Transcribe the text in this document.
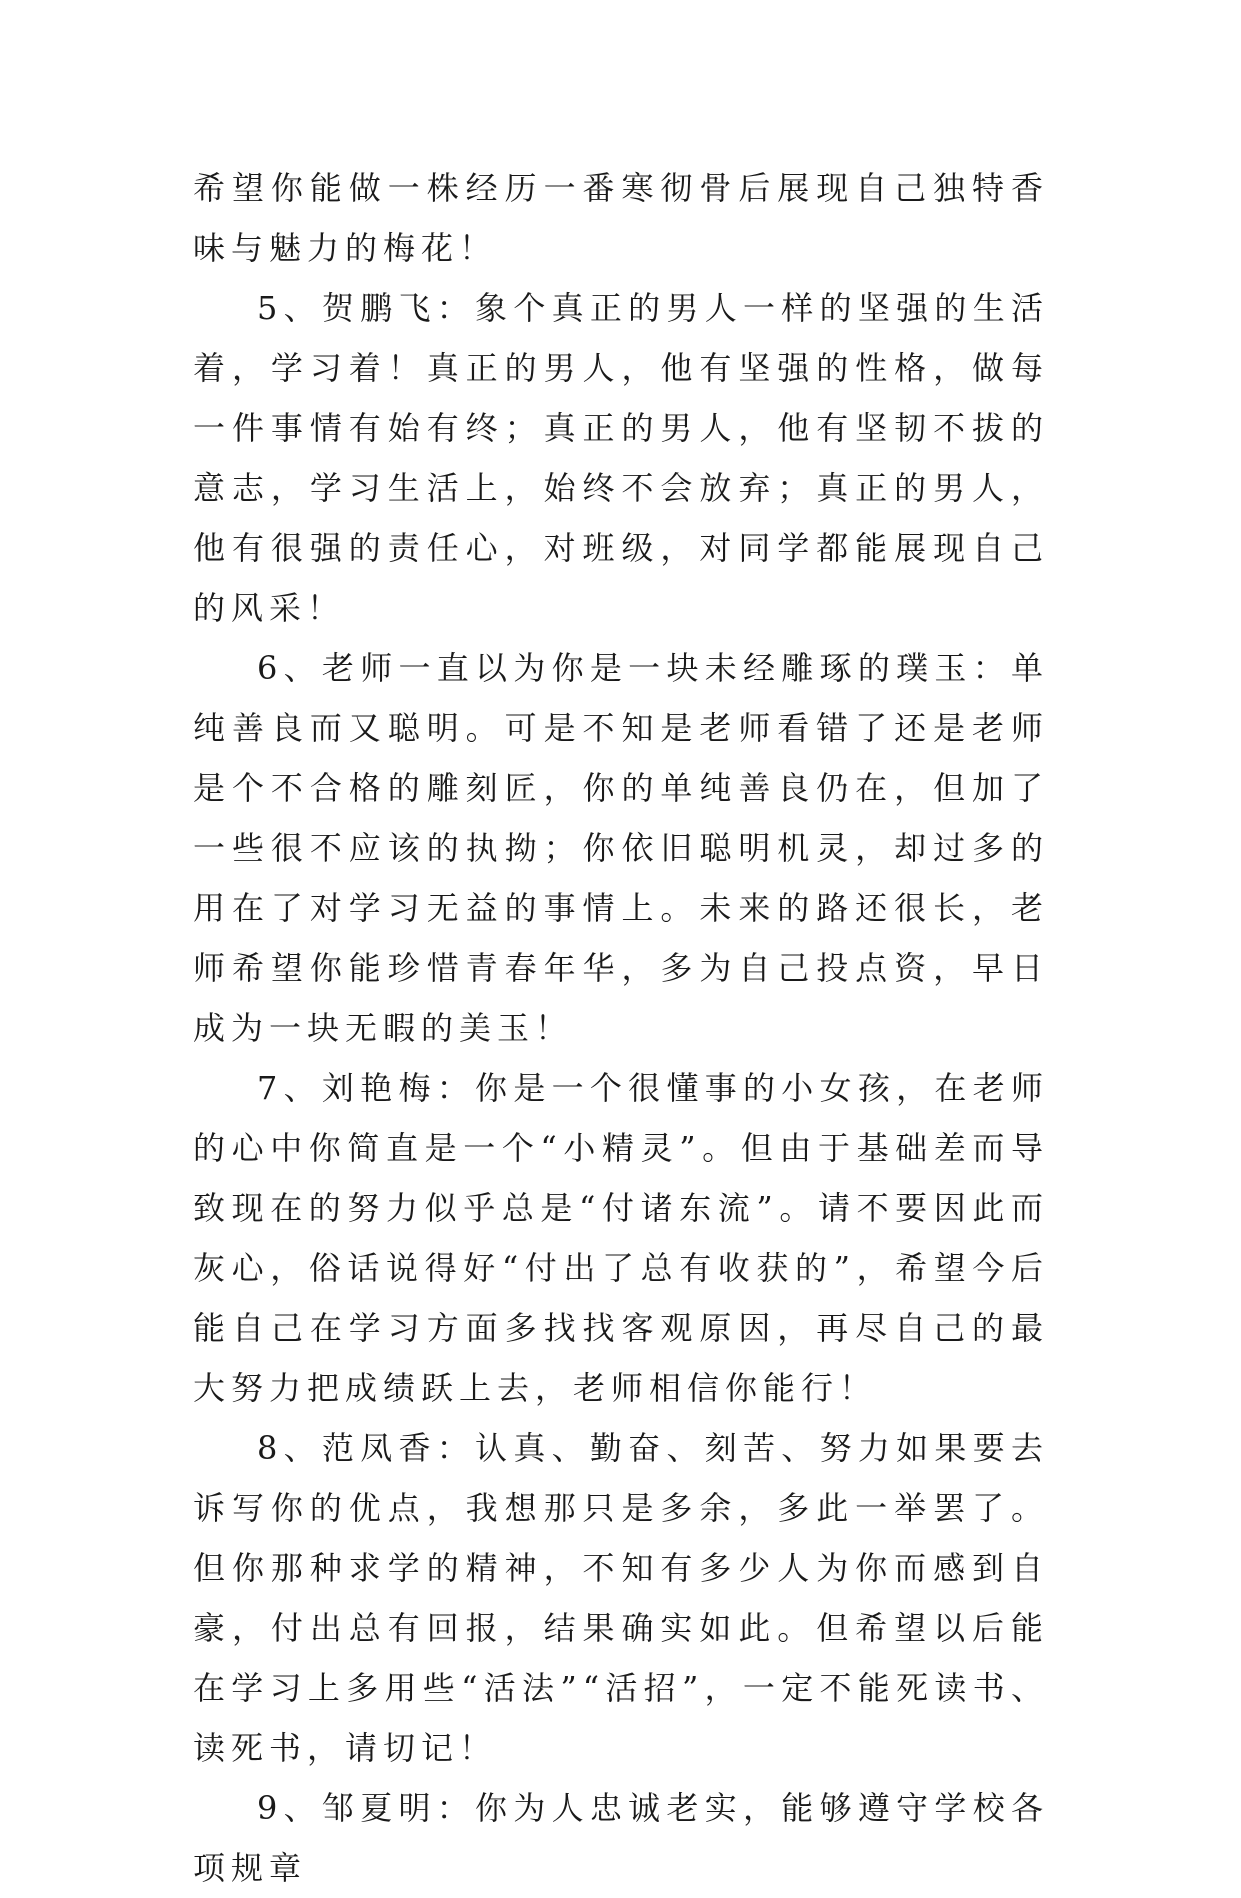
希望你能做一株经历一番寒彻骨后展现自己独特香味与魅力的梅花！

5、贺鹏飞：象个真正的男人一样的坚强的生活着，学习着！真正的男人，他有坚强的性格，做每一件事情有始有终；真正的男人，他有坚韧不拔的意志，学习生活上，始终不会放弃；真正的男人，他有很强的责任心，对班级，对同学都能展现自己的风采！

6、老师一直以为你是一块未经雕琢的璞玉：单纯善良而又聪明。可是不知是老师看错了还是老师是个不合格的雕刻匠，你的单纯善良仍在，但加了一些很不应该的执拗；你依旧聪明机灵，却过多的用在了对学习无益的事情上。未来的路还很长，老师希望你能珍惜青春年华，多为自己投点资，早日成为一块无暇的美玉！

7、刘艳梅：你是一个很懂事的小女孩，在老师的心中你简直是一个“小精灵”。但由于基础差而导致现在的努力似乎总是“付诸东流”。请不要因此而灰心，俗话说得好“付出了总有收获的”，希望今后能自己在学习方面多找找客观原因，再尽自己的最大努力把成绩跃上去，老师相信你能行！

8、范凤香：认真、勤奋、刻苦、努力如果要去诉写你的优点，我想那只是多余，多此一举罢了。但你那种求学的精神，不知有多少人为你而感到自豪，付出总有回报，结果确实如此。但希望以后能在学习上多用些“活法”“活招”，一定不能死读书、读死书，请切记！

9、邹夏明：你为人忠诚老实，能够遵守学校各项规章
